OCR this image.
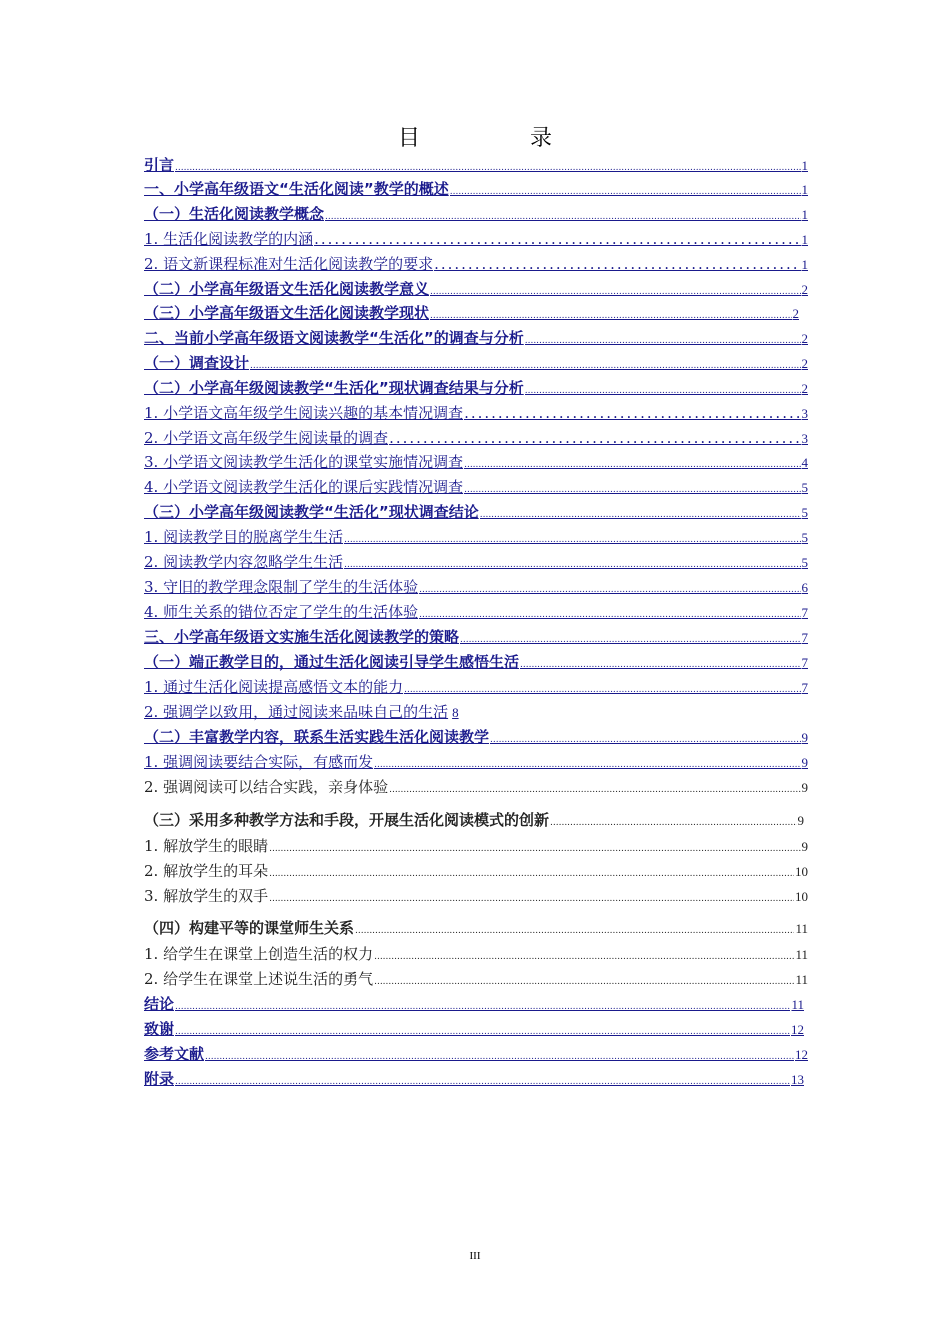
目　录
引言 .....	1
一、小学高年级语文“生活化阅读”教学的概述 .....	1
（一）生活化阅读教学概念 .....	1
1. 生活化阅读教学的内涵 .....	1
2. 语文新课程标准对生活化阅读教学的要求 .....	1
（二）小学高年级语文生活化阅读教学意义 .....	2
（三）小学高年级语文生活化阅读教学现状 .....	2
二、当前小学高年级语文阅读教学“生活化”的调查与分析 .....	2
（一）调查设计 .....	2
（二）小学高年级阅读教学“生活化”现状调查结果与分析 .....	2
1. 小学语文高年级学生阅读兴趣的基本情况调查 .....	3
2. 小学语文高年级学生阅读量的调查 .....	3
3. 小学语文阅读教学生活化的课堂实施情况调查 .....	4
4. 小学语文阅读教学生活化的课后实践情况调查 .....	5
（三）小学高年级阅读教学“生活化”现状调查结论 .....	5
1. 阅读教学目的脱离学生生活 .....	5
2. 阅读教学内容忽略学生生活 .....	5
3. 守旧的教学理念限制了学生的生活体验 .....	6
4. 师生关系的错位否定了学生的生活体验 .....	7
三、小学高年级语文实施生活化阅读教学的策略 .....	7
（一）端正教学目的，通过生活化阅读引导学生感悟生活 .....	7
1. 通过生活化阅读提高感悟文本的能力 .....	7
2. 强调学以致用，通过阅读来品味自己的生活 8
（二）丰富教学内容，联系生活实践生活化阅读教学 .....	9
1. 强调阅读要结合实际，有感而发 .....	9
2. 强调阅读可以结合实践，亲身体验 .....	9
（三）采用多种教学方法和手段，开展生活化阅读模式的创新 .....	9
1. 解放学生的眼睛 .....	9
2. 解放学生的耳朵 .....	10
3. 解放学生的双手 .....	10
（四）构建平等的课堂师生关系 .....	11
1. 给学生在课堂上创造生活的权力 .....	11
2. 给学生在课堂上述说生活的勇气 .....	11
结论 .....	11
致谢 .....	12
参考文献 .....	12
附录 .....	13
III
